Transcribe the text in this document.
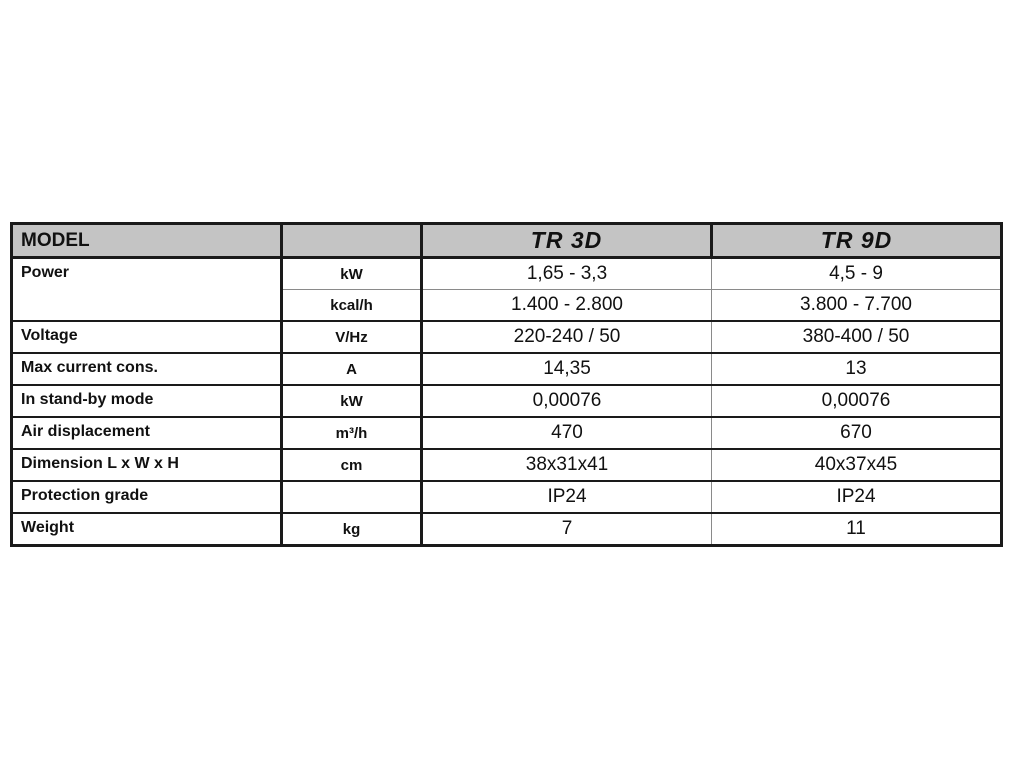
MODEL		TR 3D	TR 9D
Power	kW	1,65 - 3,3	4,5 - 9
	kcal/h	1.400 - 2.800	3.800 - 7.700
Voltage	V/Hz	220-240 / 50	380-400 / 50
Max current cons.	A	14,35	13
In stand-by mode	kW	0,00076	0,00076
Air displacement	m³/h	470	670
Dimension L x W x H	cm	38x31x41	40x37x45
Protection grade		IP24	IP24
Weight	kg	7	11
